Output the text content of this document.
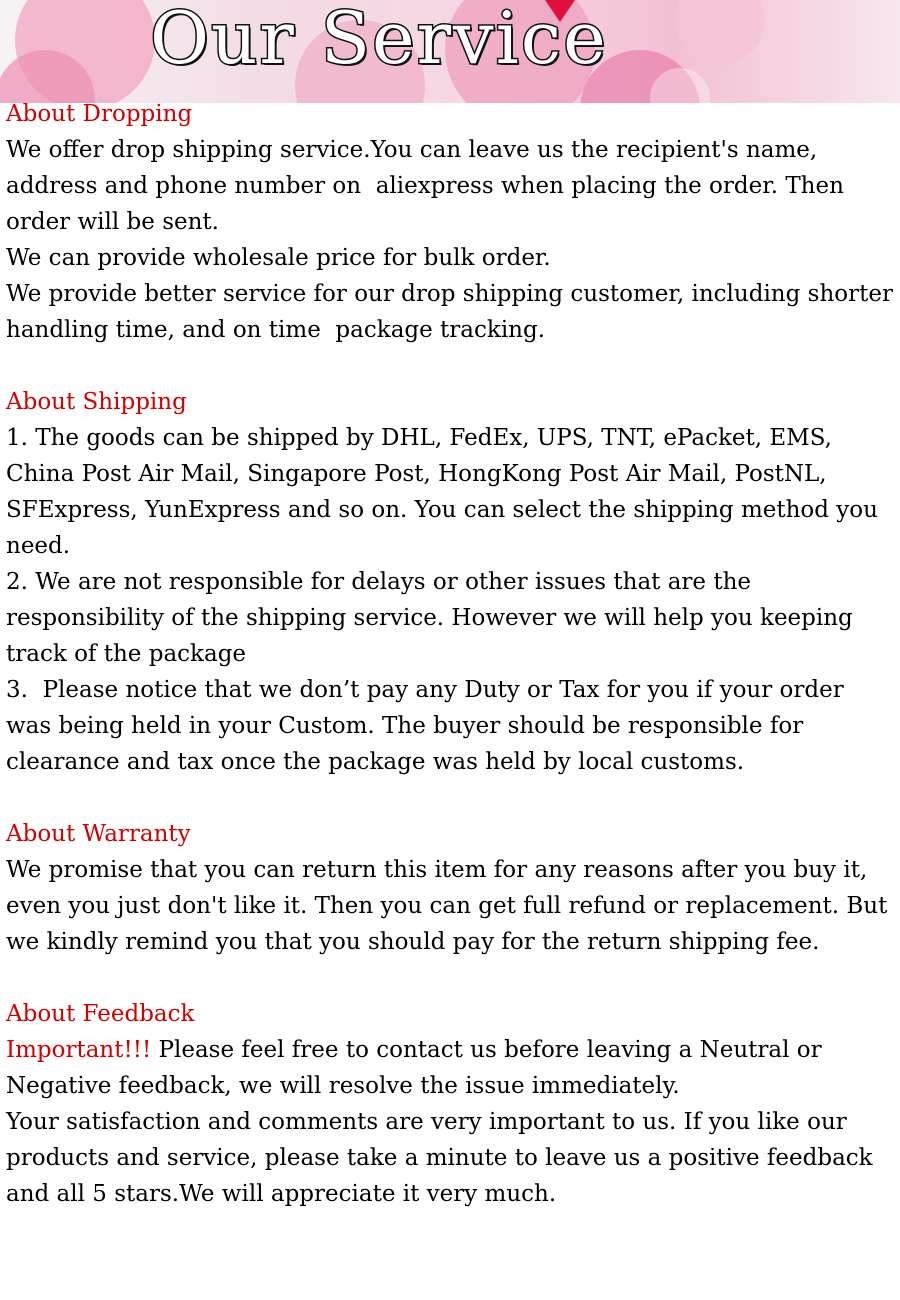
Our Service

About Dropping

We offer drop shipping service.You can leave us the recipient's name, address and phone number on  aliexpress when placing the order. Then order will be sent.

We can provide wholesale price for bulk order.

We provide better service for our drop shipping customer, including shorter handling time, and on time  package tracking.

About Shipping

1. The goods can be shipped by DHL, FedEx, UPS, TNT, ePacket, EMS, China Post Air Mail, Singapore Post, HongKong Post Air Mail, PostNL, SFExpress, YunExpress and so on. You can select the shipping method you need.

2. We are not responsible for delays or other issues that are the responsibility of the shipping service. However we will help you keeping track of the package

3.  Please notice that we don’t pay any Duty or Tax for you if your order was being held in your Custom. The buyer should be responsible for clearance and tax once the package was held by local customs.

About Warranty

We promise that you can return this item for any reasons after you buy it, even you just don't like it. Then you can get full refund or replacement. But we kindly remind you that you should pay for the return shipping fee.

About Feedback

Important!!! Please feel free to contact us before leaving a Neutral or Negative feedback, we will resolve the issue immediately.

Your satisfaction and comments are very important to us. If you like our products and service, please take a minute to leave us a positive feedback and all 5 stars.We will appreciate it very much.
